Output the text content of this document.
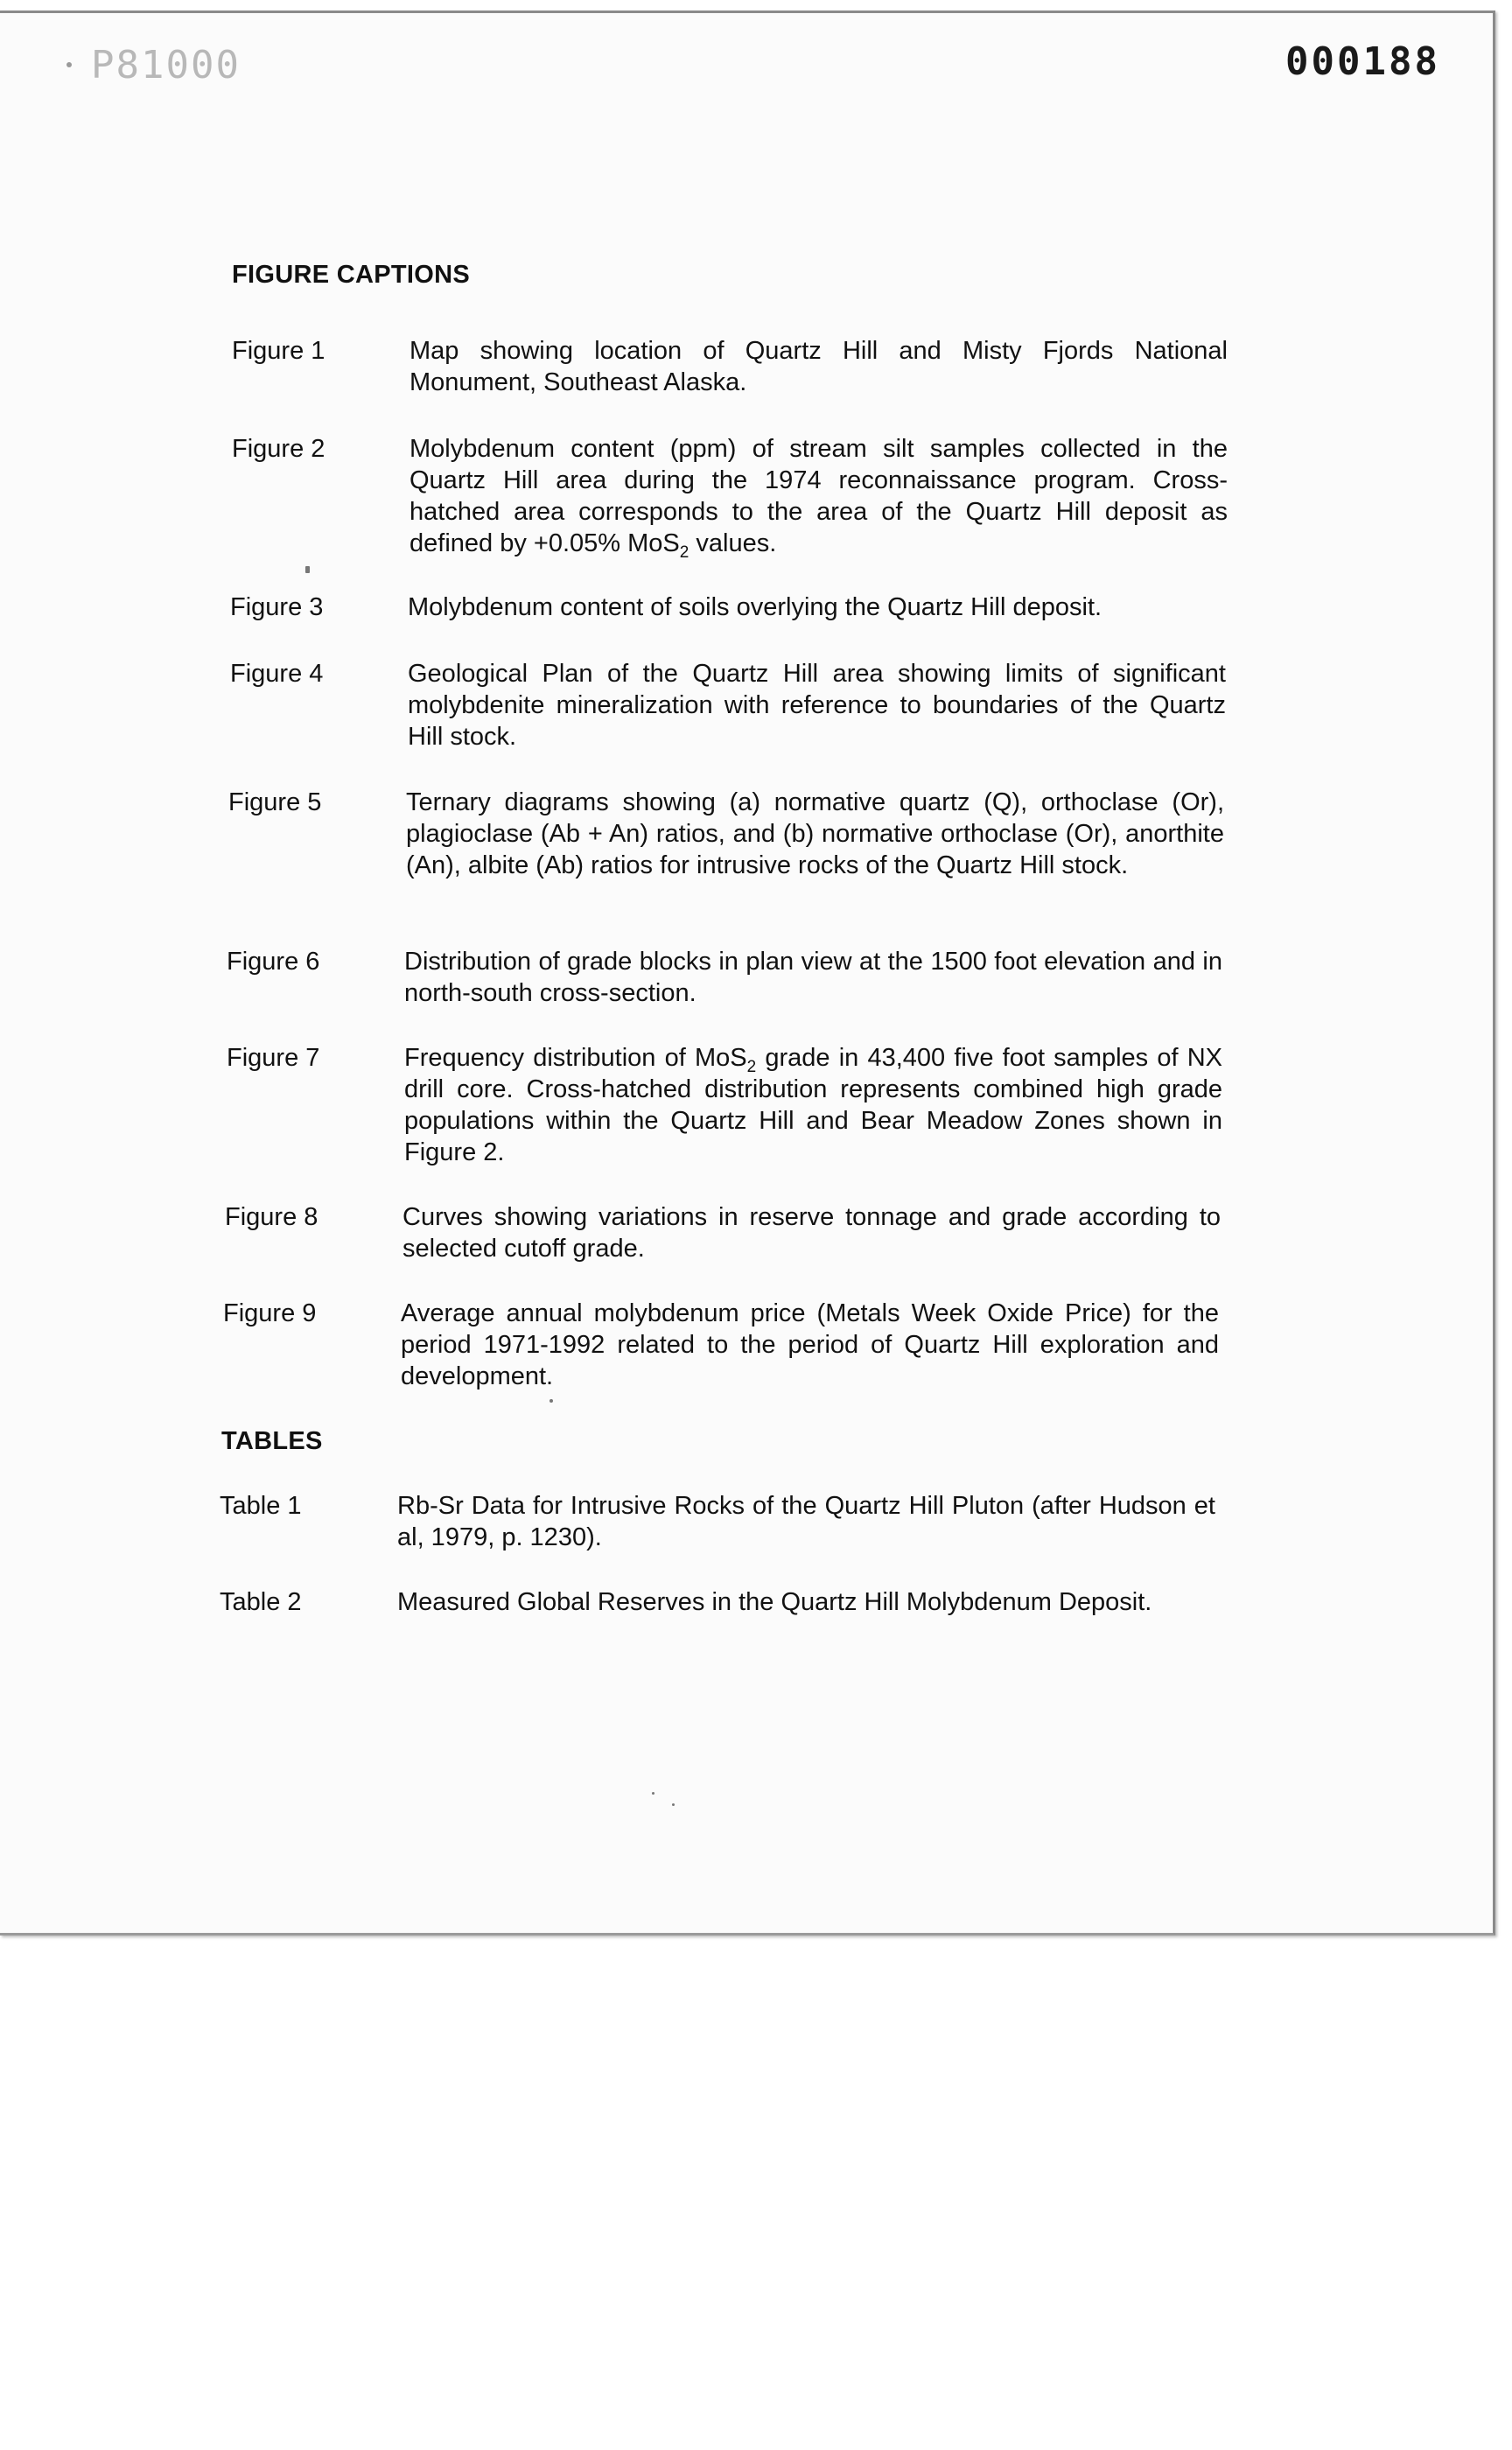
P81000	000188
FIGURE CAPTIONS
Figure 1	Map showing location of Quartz Hill and Misty Fjords National Monument, Southeast Alaska.
Figure 2	Molybdenum content (ppm) of stream silt samples collected in the Quartz Hill area during the 1974 reconnaissance program. Cross-hatched area corresponds to the area of the Quartz Hill deposit as defined by +0.05% MoS$_2$ values.
Figure 3	Molybdenum content of soils overlying the Quartz Hill deposit.
Figure 4	Geological Plan of the Quartz Hill area showing limits of significant molybdenite mineralization with reference to boundaries of the Quartz Hill stock.
Figure 5	Ternary diagrams showing (a) normative quartz (Q), orthoclase (Or), plagioclase (Ab + An) ratios, and (b) normative orthoclase (Or), anorthite (An), albite (Ab) ratios for intrusive rocks of the Quartz Hill stock.
Figure 6	Distribution of grade blocks in plan view at the 1500 foot elevation and in north-south cross-section.
Figure 7	Frequency distribution of MoS$_2$ grade in 43,400 five foot samples of NX drill core. Cross-hatched distribution represents combined high grade populations within the Quartz Hill and Bear Meadow Zones shown in Figure 2.
Figure 8	Curves showing variations in reserve tonnage and grade according to selected cutoff grade.
Figure 9	Average annual molybdenum price (Metals Week Oxide Price) for the period 1971-1992 related to the period of Quartz Hill exploration and development.
TABLES
Table 1	Rb-Sr Data for Intrusive Rocks of the Quartz Hill Pluton (after Hudson et al, 1979, p. 1230).
Table 2	Measured Global Reserves in the Quartz Hill Molybdenum Deposit.
